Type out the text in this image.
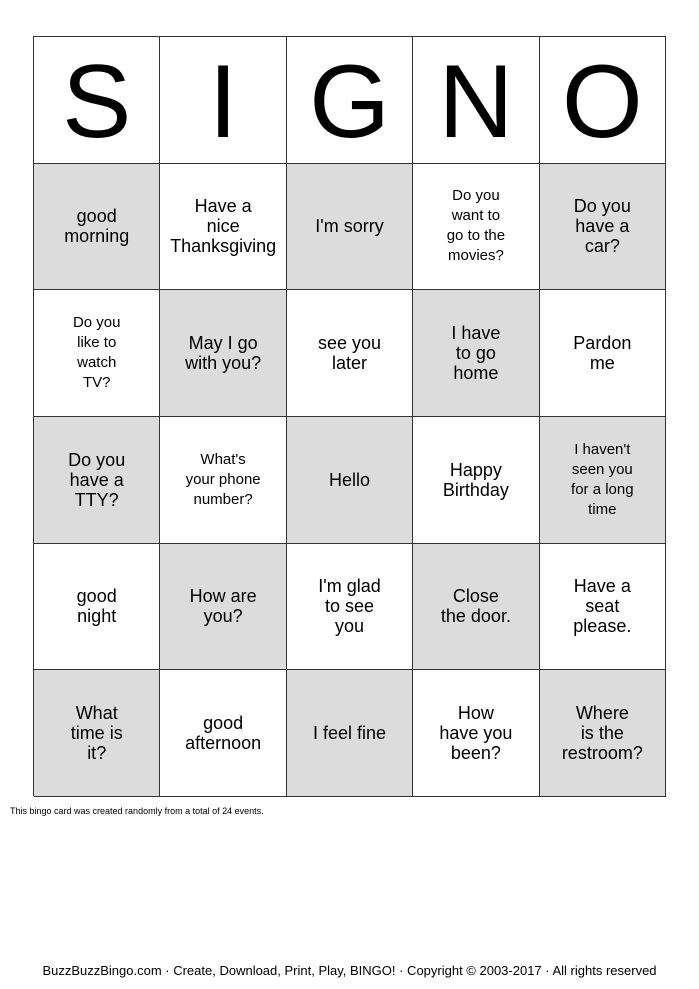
S I G N O
good
morning
Have a
nice
Thanksgiving
I'm sorry
Do you
want to
go to the
movies?
Do you
have a
car?
Do you
like to
watch
TV?
May I go
with you?
see you
later
I have
to go
home
Pardon
me
Do you
have a
TTY?
What's
your phone
number?
Hello	Happy
Birthday
I haven't
seen you
for a long
time
good
night
How are
you?
I'm glad
to see
you
Close
the door.
Have a
seat
please.
What
time is
it?
good
afternoon	I feel fine
How
have you
been?
Where
is the
restroom?
This bingo card was created randomly from a total of 24 events.
BuzzBuzzBingo.com · Create, Download, Print, Play, BINGO! · Copyright © 2003-2017 · All rights reserved
